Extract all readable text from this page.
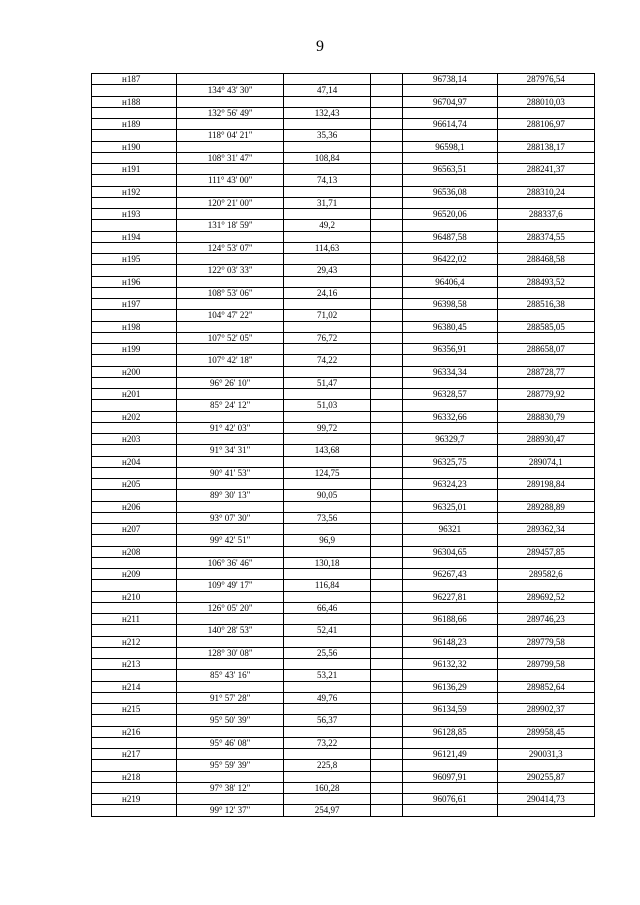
9
н187	96738,14	287976,54
134° 43' 30"	47,14
н188	96704,97	288010,03
132° 56' 49"	132,43
н189	96614,74	288106,97
118° 04' 21"	35,36
н190	96598,1	288138,17
108° 31' 47"	108,84
н191	96563,51	288241,37
111° 43' 00"	74,13
н192	96536,08	288310,24
120° 21' 00"	31,71
н193	96520,06	288337,6
131° 18' 59"	49,2
н194	96487,58	288374,55
124° 53' 07"	114,63
н195	96422,02	288468,58
122° 03' 33"	29,43
н196	96406,4	288493,52
108° 53' 06"	24,16
н197	96398,58	288516,38
104° 47' 22"	71,02
н198	96380,45	288585,05
107° 52' 05"	76,72
н199	96356,91	288658,07
107° 42' 18"	74,22
н200	96334,34	288728,77
96° 26' 10"	51,47
н201	96328,57	288779,92
85° 24' 12"	51,03
н202	96332,66	288830,79
91° 42' 03"	99,72
н203	96329,7	288930,47
91° 34' 31"	143,68
н204	96325,75	289074,1
90° 41' 53"	124,75
н205	96324,23	289198,84
89° 30' 13"	90,05
н206	96325,01	289288,89
93° 07' 30"	73,56
н207	96321	289362,34
99° 42' 51"	96,9
н208	96304,65	289457,85
106° 36' 46"	130,18
н209	96267,43	289582,6
109° 49' 17"	116,84
н210	96227,81	289692,52
126° 05' 20"	66,46
н211	96188,66	289746,23
140° 28' 53"	52,41
н212	96148,23	289779,58
128° 30' 08"	25,56
н213	96132,32	289799,58
85° 43' 16"	53,21
н214	96136,29	289852,64
91° 57' 28"	49,76
н215	96134,59	289902,37
95° 50' 39"	56,37
н216	96128,85	289958,45
95° 46' 08"	73,22
н217	96121,49	290031,3
95° 59' 39"	225,8
н218	96097,91	290255,87
97° 38' 12"	160,28
н219	96076,61	290414,73
99° 12' 37"	254,97
